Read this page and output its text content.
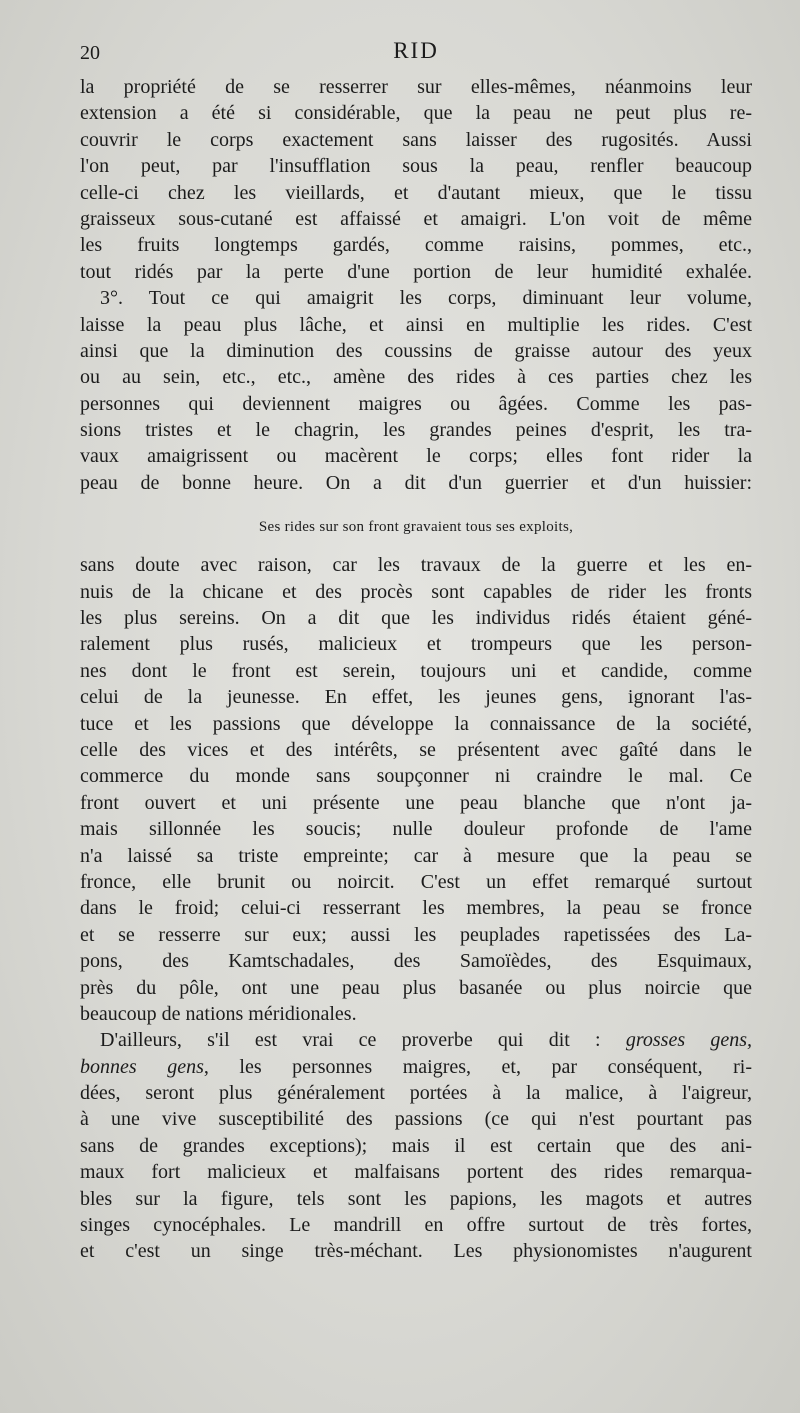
20	RID
la propriété de se resserrer sur elles-mêmes, néanmoins leur
extension a été si considérable, que la peau ne peut plus re-
couvrir le corps exactement sans laisser des rugosités. Aussi
l'on peut, par l'insufflation sous la peau, renfler beaucoup
celle-ci chez les vieillards, et d'autant mieux, que le tissu
graisseux sous-cutané est affaissé et amaigri. L'on voit de même
les fruits longtemps gardés, comme raisins, pommes, etc.,
tout ridés par la perte d'une portion de leur humidité exhalée.
3°. Tout ce qui amaigrit les corps, diminuant leur volume,
laisse la peau plus lâche, et ainsi en multiplie les rides. C'est
ainsi que la diminution des coussins de graisse autour des yeux
ou au sein, etc., etc., amène des rides à ces parties chez les
personnes qui deviennent maigres ou âgées. Comme les pas-
sions tristes et le chagrin, les grandes peines d'esprit, les tra-
vaux amaigrissent ou macèrent le corps; elles font rider la
peau de bonne heure. On a dit d'un guerrier et d'un huissier:
Ses rides sur son front gravaient tous ses exploits,
sans doute avec raison, car les travaux de la guerre et les en-
nuis de la chicane et des procès sont capables de rider les fronts
les plus sereins. On a dit que les individus ridés étaient géné-
ralement plus rusés, malicieux et trompeurs que les person-
nes dont le front est serein, toujours uni et candide, comme
celui de la jeunesse. En effet, les jeunes gens, ignorant l'as-
tuce et les passions que développe la connaissance de la société,
celle des vices et des intérêts, se présentent avec gaîté dans le
commerce du monde sans soupçonner ni craindre le mal. Ce
front ouvert et uni présente une peau blanche que n'ont ja-
mais sillonnée les soucis; nulle douleur profonde de l'ame
n'a laissé sa triste empreinte; car à mesure que la peau se
fronce, elle brunit ou noircit. C'est un effet remarqué surtout
dans le froid; celui-ci resserrant les membres, la peau se fronce
et se resserre sur eux; aussi les peuplades rapetissées des La-
pons, des Kamtschadales, des Samoïèdes, des Esquimaux,
près du pôle, ont une peau plus basanée ou plus noircie que
beaucoup de nations méridionales.
D'ailleurs, s'il est vrai ce proverbe qui dit : grosses gens,
bonnes gens, les personnes maigres, et, par conséquent, ri-
dées, seront plus généralement portées à la malice, à l'aigreur,
à une vive susceptibilité des passions (ce qui n'est pourtant pas
sans de grandes exceptions); mais il est certain que des ani-
maux fort malicieux et malfaisans portent des rides remarqua-
bles sur la figure, tels sont les papions, les magots et autres
singes cynocéphales. Le mandrill en offre surtout de très fortes,
et c'est un singe très-méchant. Les physionomistes n'augurent
